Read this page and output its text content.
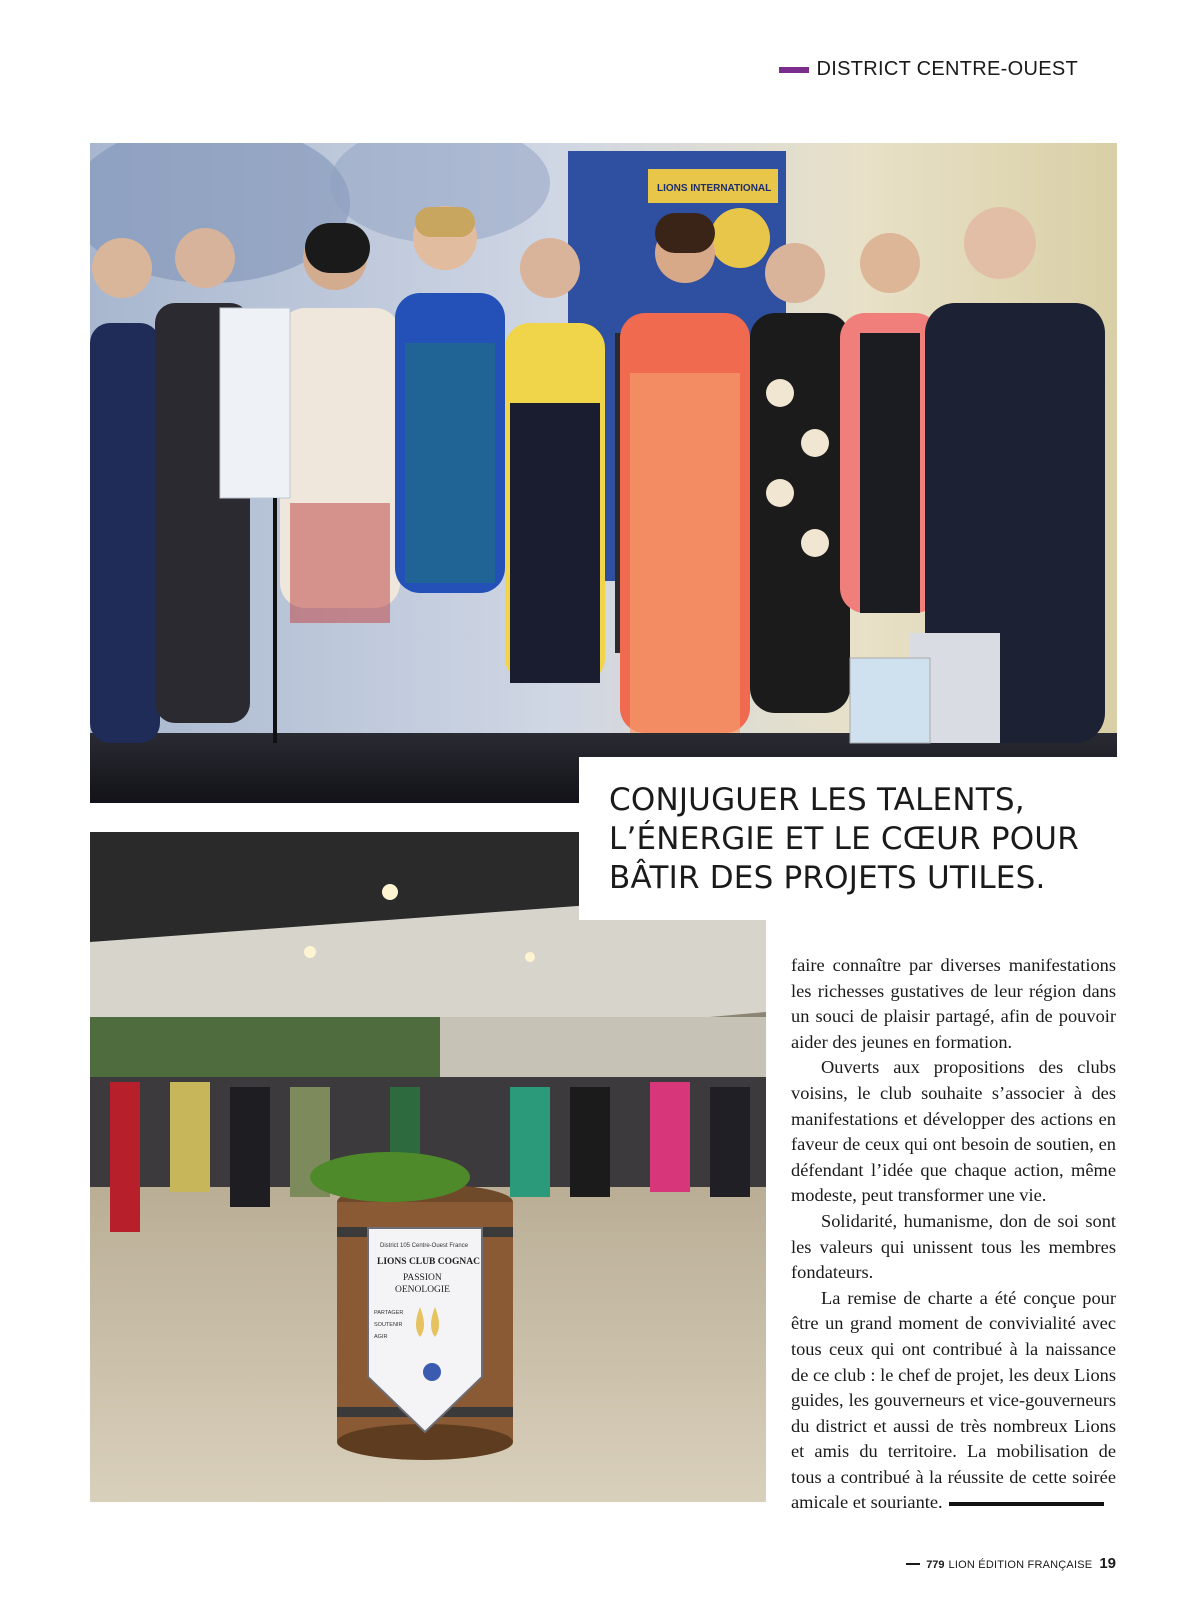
DISTRICT CENTRE-OUEST
LIONS INTERNATIONAL
District 105 Centre-Ouest France
LIONS CLUB COGNAC
PASSION
OENOLOGIE
PARTAGER
SOUTENIR
AGIR
CONJUGUER LES TALENTS,
L’ÉNERGIE ET LE CŒUR POUR
BÂTIR DES PROJETS UTILES.

faire connaître par diverses manifestations les richesses gustatives de leur région dans un souci de plaisir partagé, afin de pouvoir aider des jeunes en formation.

Ouverts aux propositions des clubs voisins, le club souhaite s’associer à des manifestations et développer des actions en faveur de ceux qui ont besoin de soutien, en défendant l’idée que chaque action, même modeste, peut transformer une vie.

Solidarité, humanisme, don de soi sont les valeurs qui unissent tous les membres fondateurs.

La remise de charte a été conçue pour être un grand moment de convivialité avec tous ceux qui ont contribué à la naissance de ce club : le chef de projet, les deux Lions guides, les gouverneurs et vice-gouverneurs du district et aussi de très nombreux Lions et amis du territoire. La mobilisation de tous a contribué à la réussite de cette soirée amicale et souriante.

779 LION ÉDITION FRANÇAISE 19
